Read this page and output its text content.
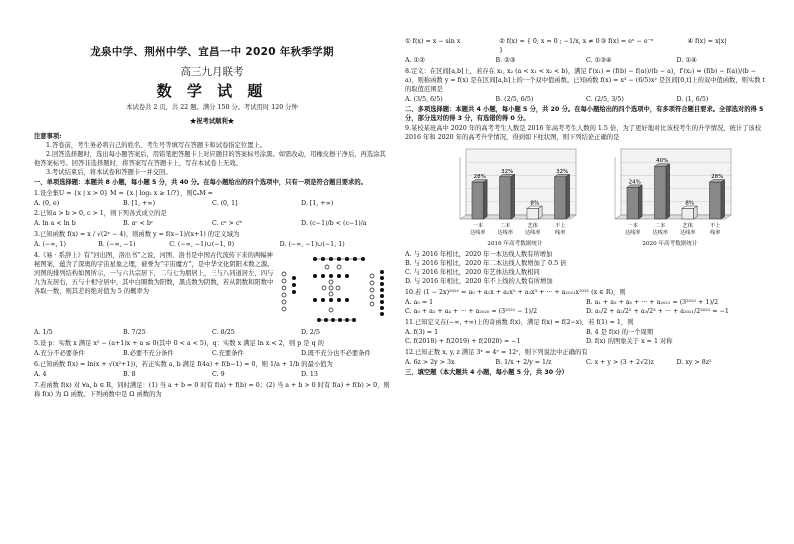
龙泉中学、荆州中学、宜昌一中 2020 年秋季学期
高三九月联考
数 学 试 题
本试卷共 2 页，共 22 题。满分 150 分。考试用时 120 分钟
★祝考试顺利★
注意事项:

1.答卷前，考生务必将自己的姓名、考生号等填写在答题卡和试卷指定位置上。

2.回答选择题时，选出每小题答案后，用铅笔把答题卡上对应题目的答案标号涂黑。如需改动，用橡皮擦干净后，再选涂其他答案标号。回答非选择题时，将答案写在答题卡上，写在本试卷上无效。

3.考试结束后，将本试卷和答题卡一并交回。

一、单项选择题：本题共 8 小题，每小题 5 分，共 40 分。在每小题给出的四个选项中，只有一项是符合题目要求的。
1.设全集U = {x | x > 0} M = {x | log₂ x ≥ 1/?}，则∁ᵤM =
A. (0, e)	B. [1, +∞)	C. (0, 1]	D. [1, +∞)
2.已知a > b > 0, c > 1，则下列各式成立的是
A. ln a < ln b	B. aᶜ < bᶜ	C. cᵃ > cᵇ	D. (c−1)/b < (c−1)/a
3.已知函数 f(x) = x / √(2ˣ − 4)，则函数 y = f(x−1)/(x+1) 的定义域为
A. (−∞, 1)	B. (−∞, −1)	C. (−∞, −1)∪(−1, 0)	D. (−∞, −1)∪(−1, 1)
4.《易 · 系辞上》有“河出图，洛出书”之说，河图、洛书是中国古代流传下来的两幅神秘图案，蕴含了深奥的宇宙星象之理，被誉为“宇宙魔方”，是中华文化阴阳术数之源。河图的排列结构如图所示，一与六共宗居下，二与七为朋居上，三与八同道居左，四与九为友居右，五与十相守居中，其中白圈数为阳数，黑点数为阴数，若从阴数和阳数中各取一数，则其差的绝对值为 5 的概率为
A. 1/5	B. 7/25	C. 8/25	D. 2/5
5.设 p：实数 x 满足 x² − (a+1)x + a ≤ 0(其中 0 < a < 5)，q：实数 x 满足 ln x < 2，则 p 是 q 的
A.充分不必要条件	B.必要不充分条件	C.充要条件	D.既不充分也不必要条件
6.已知函数 f(x) = ln(x + √(x²+1))，若正实数 a, b 满足 f(4a) + f(b−1) = 0，则 1/a + 1/b 的最小值为
A. 4	B. 8	C. 9	D. 13
7.若函数 f(x) 对 ∀a, b ∈ R，同时满足：(1) 当 a + b = 0 时有 f(a) + f(b) = 0；(2) 当 a + b > 0 时有 f(a) + f(b) > 0，则称 f(x) 为 Ω 函数。下列函数中是 Ω 函数的为
① f(x) = x − sin x	② f(x) = { 0, x = 0 ; −1/x, x ≠ 0 }
③ f(x) = eˣ − e⁻ˣ	④ f(x) = x|x|
A. ①②	B. ②③	C. ①③④	D. ①④
8.定义：在区间[a,b]上，若存在 x₁, x₂ (a < x₁ < x₂ < b)，满足 f′(x₁) = (f(b) − f(a))/(b − a)，f′(x₂) = (f(b) − f(a))/(b − a)，则称函数 y = f(x) 是在区间[a,b]上的一个双中值函数。已知函数 f(x) = x³ − (6/5)x² 是区间[0,t]上的双中值函数，则实数 t 的取值范围是
A. (3/5, 6/5)	B. (2/5, 6/5)	C. (2/5, 3/5)	D. (1, 6/5)
二、多项选择题：本题共 4 小题，每小题 5 分，共 20 分。在每小题给出的四个选项中，有多项符合题目要求。全部选对的得 5 分，部分选对的得 3 分，有选错的得 0 分。
9.某校某班高中 2020 年的高考考生人数是 2016 年高考考生人数的 1.5 倍，为了更好地对比该校考生的升学情况，统计了该校 2016 年和 2020 年的高考升学情况，得到如下柱状图，则下列结论正确的是
28%
一本
达线率
32%
二本
达线率
8%
艺体
达线率
32%
不上
线率
24%
一本
达线率
40%
二本
达线率
8%
艺体
达线率
28%
不上
线率
2016 年高考数据统计	2020 年高考数据统计
A. 与 2016 年相比，2020 年一本达线人数有所增加
B. 与 2016 年相比，2020 年二本达线人数增加了 0.5 倍
C. 与 2016 年相比，2020 年艺体达线人数相同
D. 与 2016 年相比，2020 年不上线的人数有所增加
10.若 (1 − 2x)²⁰²¹ = a₀ + a₁x + a₂x² + a₃x³ + ··· + a₂₀₂₁x²⁰²¹ (x ∈ R)，则
A. a₀ = 1	B. a₁ + a₃ + a₅ + ··· + a₂₀₂₁ = (3²⁰²¹ + 1)/2
C. a₀ + a₂ + a₄ + ··· + a₂₀₂₀ = (3²⁰²¹ − 1)/2	D. a₁/2 + a₂/2² + a₃/2³ + ··· + a₂₀₂₁/2²⁰²¹ = −1
11.已知定义在(−∞, +∞)上的奇函数 f(x)，满足 f(x) = f(2−x)，若 f(1) = 1，则
A. f(3) = 1	B. 4 是 f(x) 的一个周期
C. f(2018) + f(2019) + f(2020) = −1	D. f(x) 的图象关于 x = 1 对称
12.已知正数 x, y, z 满足 3ˣ = 4ʸ = 12ᶻ，则下列说法中正确的有
A. 6z > 2y > 3x	B. 1/x + 2/y = 1/z	C. x + y > (3 + 2√2)z	D. xy > 8z²
三、填空题（本大题共 4 小题，每小题 5 分，共 30 分）
